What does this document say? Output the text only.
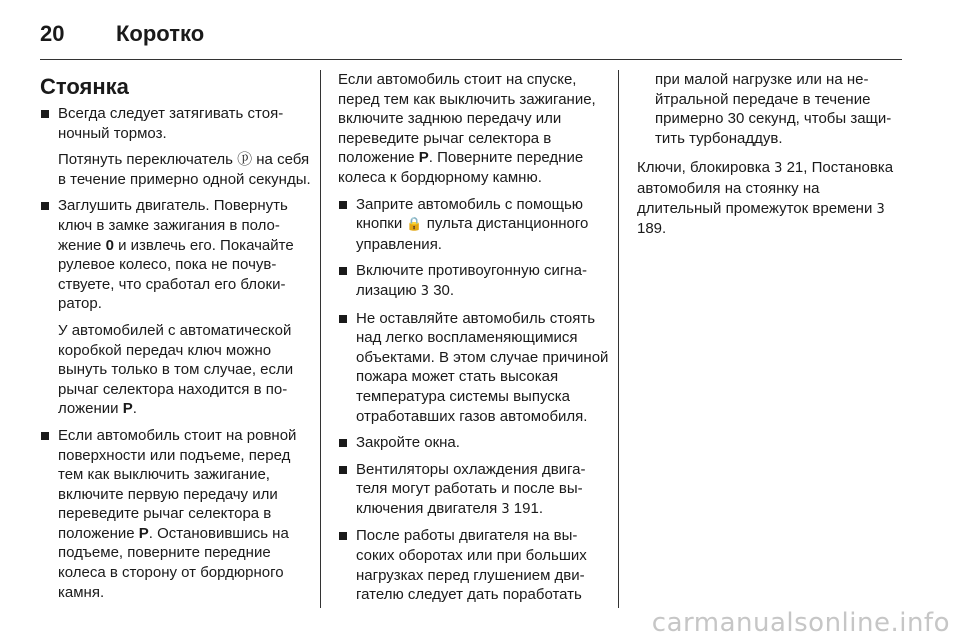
20	Коротко
Стоянка
Всегда следует затягивать стояночный тормоз.
Потянуть переключатель ⓟ на себя в течение примерно одной секунды.
Заглушить двигатель. Повернуть ключ в замке зажигания в положение 0 и извлечь его. Покачайте рулевое колесо, пока не почувствуете, что сработал его блокиратор.
У автомобилей с автоматической коробкой передач ключ можно вынуть только в том случае, если рычаг селектора находится в положении P.
Если автомобиль стоит на ровной поверхности или подъеме, перед тем как выключить зажигание, включите первую передачу или переведите рычаг селектора в положение P. Остановившись на подъеме, поверните передние колеса в сторону от бордюрного камня.

Если автомобиль стоит на спуске, перед тем как выключить зажигание, включите заднюю передачу или переведите рычаг селектора в положение P. Поверните передние колеса к бордюрному камню.

Заприте автомобиль с помощью кнопки 🔒 пульта дистанционного управления.
Включите противоугонную сигнализацию 3 30.
Не оставляйте автомобиль стоять над легко воспламеняющимися объектами. В этом случае причиной пожара может стать высокая температура системы выпуска отработавших газов автомобиля.
Закройте окна.
Вентиляторы охлаждения двигателя могут работать и после выключения двигателя 3 191.
После работы двигателя на высоких оборотах или при больших нагрузках перед глушением двигателю следует дать поработать

при малой нагрузке или на нейтральной передаче в течение примерно 30 секунд, чтобы защитить турбонаддув.

Ключи, блокировка 3 21, Постановка автомобиля на стоянку на длительный промежуток времени 3 189.

carmanualsonline.info
